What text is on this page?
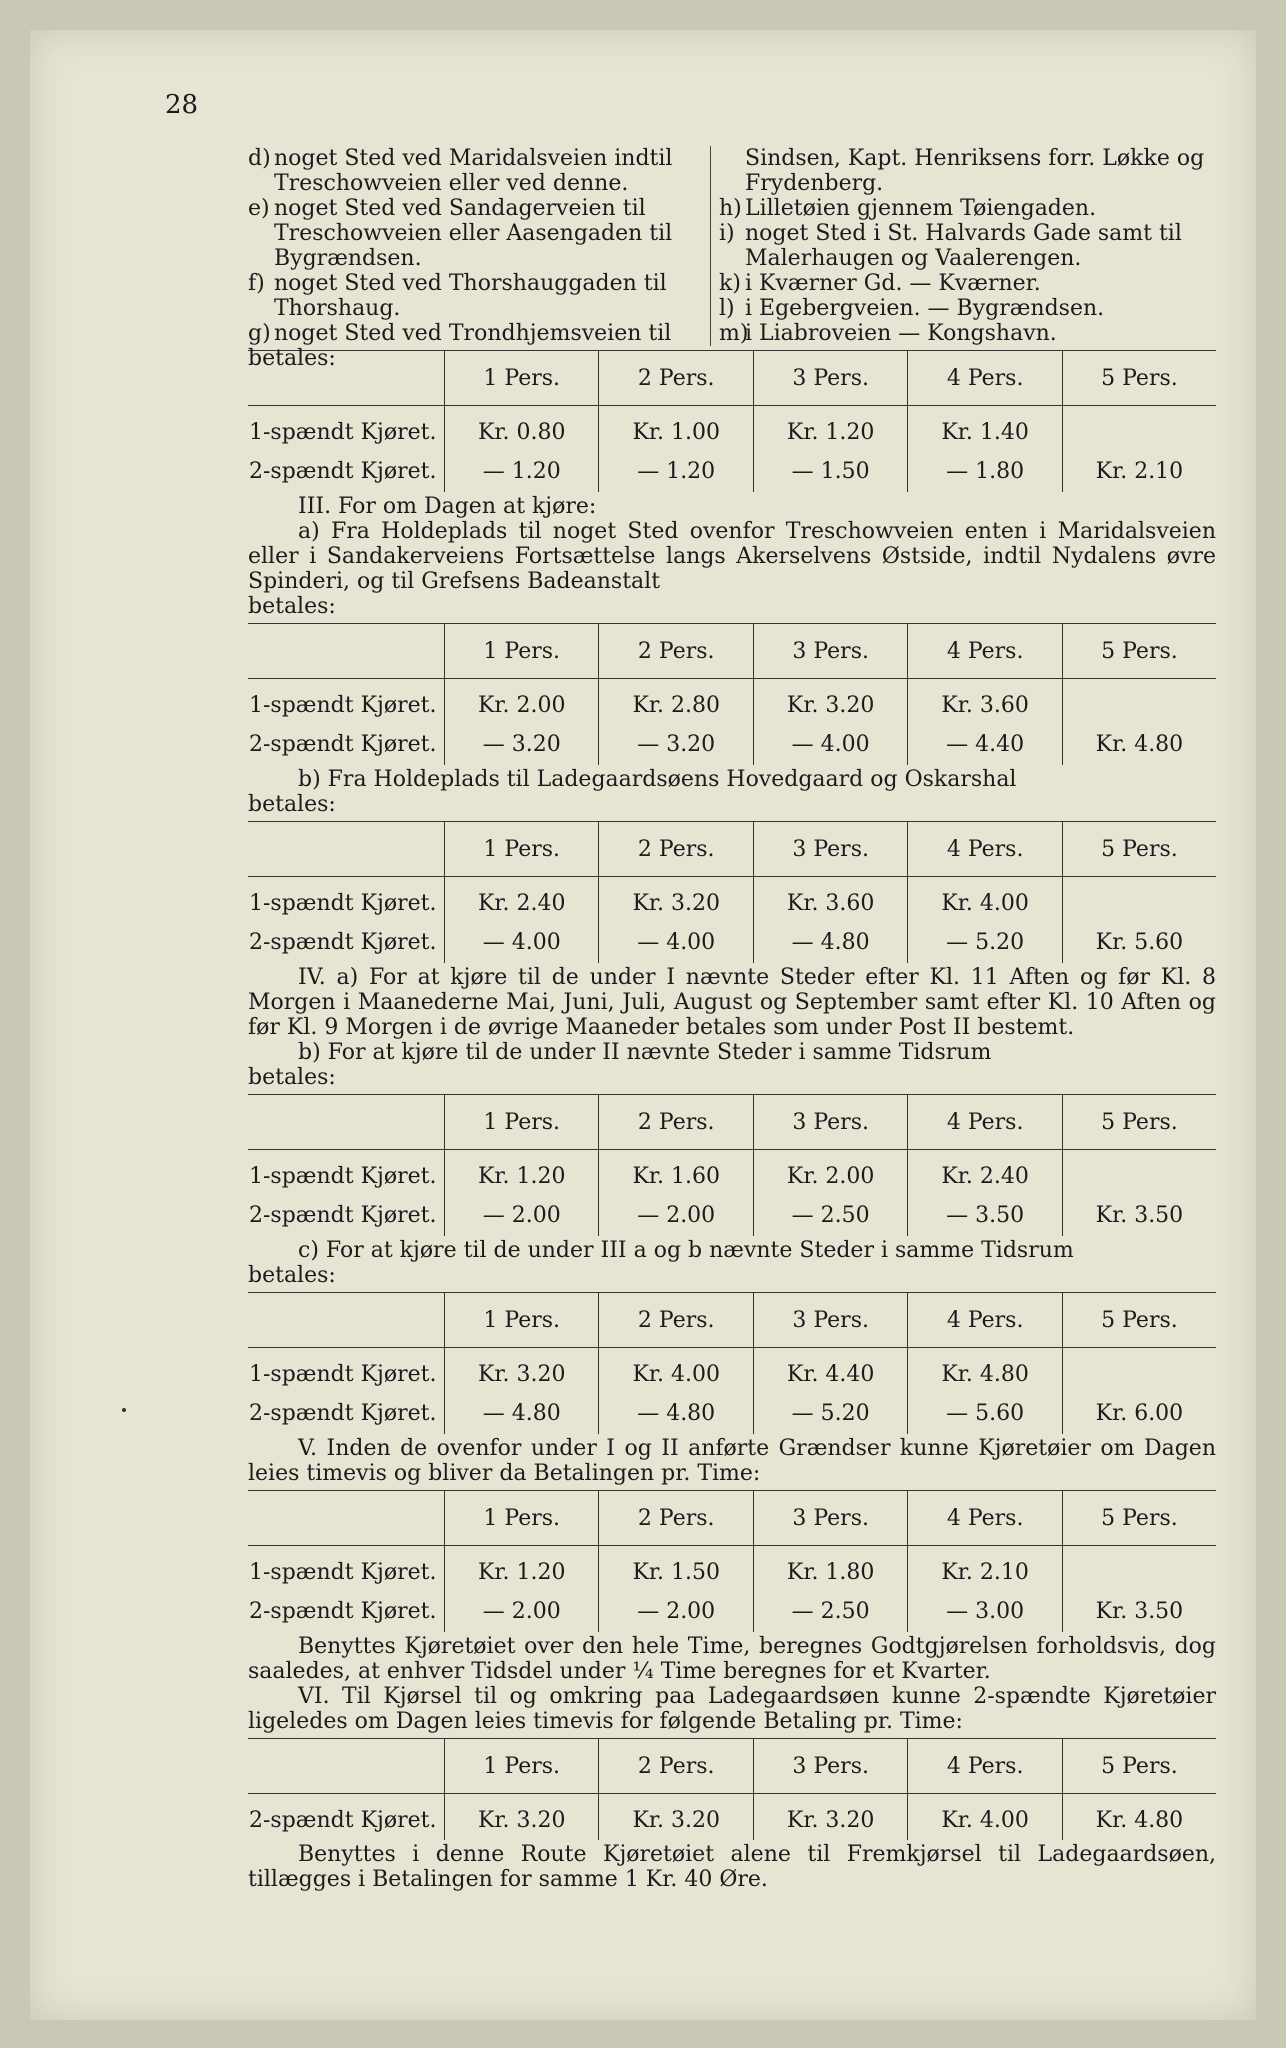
28
d) noget Sted ved Maridalsveien indtil Treschowveien eller ved denne.
e) noget Sted ved Sandagerveien til Treschowveien eller Aasengaden til Bygrændsen.
f) noget Sted ved Thorshauggaden til Thorshaug.
g) noget Sted ved Trondhjemsveien til
betales:
Sindsen, Kapt. Henriksens forr. Løkke og Frydenberg.
h) Lilletøien gjennem Tøiengaden.
i) noget Sted i St. Halvards Gade samt til Malerhaugen og Vaalerengen.
k) i Kværner Gd. — Kværner.
l) i Egebergveien. — Bygrændsen.
m)
i Liabroveien — Kongshavn.
	1 Pers.	2 Pers.	3 Pers.	4 Pers.	5 Pers.
1-spændt Kjøret.	Kr. 0.80	Kr. 1.00	Kr. 1.20	Kr. 1.40	
2-spændt Kjøret.	— 1.20	— 1.20	— 1.50	— 1.80	Kr. 2.10
III. For om Dagen at kjøre:
a) Fra Holdeplads til noget Sted ovenfor Treschowveien enten i Maridalsveien eller i Sandakerveiens Fortsættelse langs Akerselvens Østside, indtil Nydalens øvre Spinderi, og til Grefsens Badeanstalt
betales:
	1 Pers.	2 Pers.	3 Pers.	4 Pers.	5 Pers.
1-spændt Kjøret.	Kr. 2.00	Kr. 2.80	Kr. 3.20	Kr. 3.60	
2-spændt Kjøret.	— 3.20	— 3.20	— 4.00	— 4.40	Kr. 4.80
b) Fra Holdeplads til Ladegaardsøens Hovedgaard og Oskarshal
betales:
	1 Pers.	2 Pers.	3 Pers.	4 Pers.	5 Pers.
1-spændt Kjøret.	Kr. 2.40	Kr. 3.20	Kr. 3.60	Kr. 4.00	
2-spændt Kjøret.	— 4.00	— 4.00	— 4.80	— 5.20	Kr. 5.60
IV. a) For at kjøre til de under I nævnte Steder efter Kl. 11 Aften og før Kl. 8 Morgen i Maanederne Mai, Juni, Juli, August og September samt efter Kl. 10 Aften og før Kl. 9 Morgen i de øvrige Maaneder betales som under Post II bestemt.
b) For at kjøre til de under II nævnte Steder i samme Tidsrum
betales:
	1 Pers.	2 Pers.	3 Pers.	4 Pers.	5 Pers.
1-spændt Kjøret.	Kr. 1.20	Kr. 1.60	Kr. 2.00	Kr. 2.40	
2-spændt Kjøret.	— 2.00	— 2.00	— 2.50	— 3.50	Kr. 3.50
c) For at kjøre til de under III a og b nævnte Steder i samme Tidsrum
betales:
	1 Pers.	2 Pers.	3 Pers.	4 Pers.	5 Pers.
1-spændt Kjøret.	Kr. 3.20	Kr. 4.00	Kr. 4.40	Kr. 4.80	
2-spændt Kjøret.	— 4.80	— 4.80	— 5.20	— 5.60	Kr. 6.00
V. Inden de ovenfor under I og II anførte Grændser kunne Kjøretøier om Dagen leies timevis og bliver da Betalingen pr. Time:
	1 Pers.	2 Pers.	3 Pers.	4 Pers.	5 Pers.
1-spændt Kjøret.	Kr. 1.20	Kr. 1.50	Kr. 1.80	Kr. 2.10	
2-spændt Kjøret.	— 2.00	— 2.00	— 2.50	— 3.00	Kr. 3.50
Benyttes Kjøretøiet over den hele Time, beregnes Godtgjørelsen forholdsvis, dog saaledes, at enhver Tidsdel under ¼ Time beregnes for et Kvarter.
VI. Til Kjørsel til og omkring paa Ladegaardsøen kunne 2-spændte Kjøretøier ligeledes om Dagen leies timevis for følgende Betaling pr. Time:
	1 Pers.	2 Pers.	3 Pers.	4 Pers.	5 Pers.
2-spændt Kjøret.	Kr. 3.20	Kr. 3.20	Kr. 3.20	Kr. 4.00	Kr. 4.80
Benyttes i denne Route Kjøretøiet alene til Fremkjørsel til Ladegaardsøen, tillægges i Betalingen for samme 1 Kr. 40 Øre.
